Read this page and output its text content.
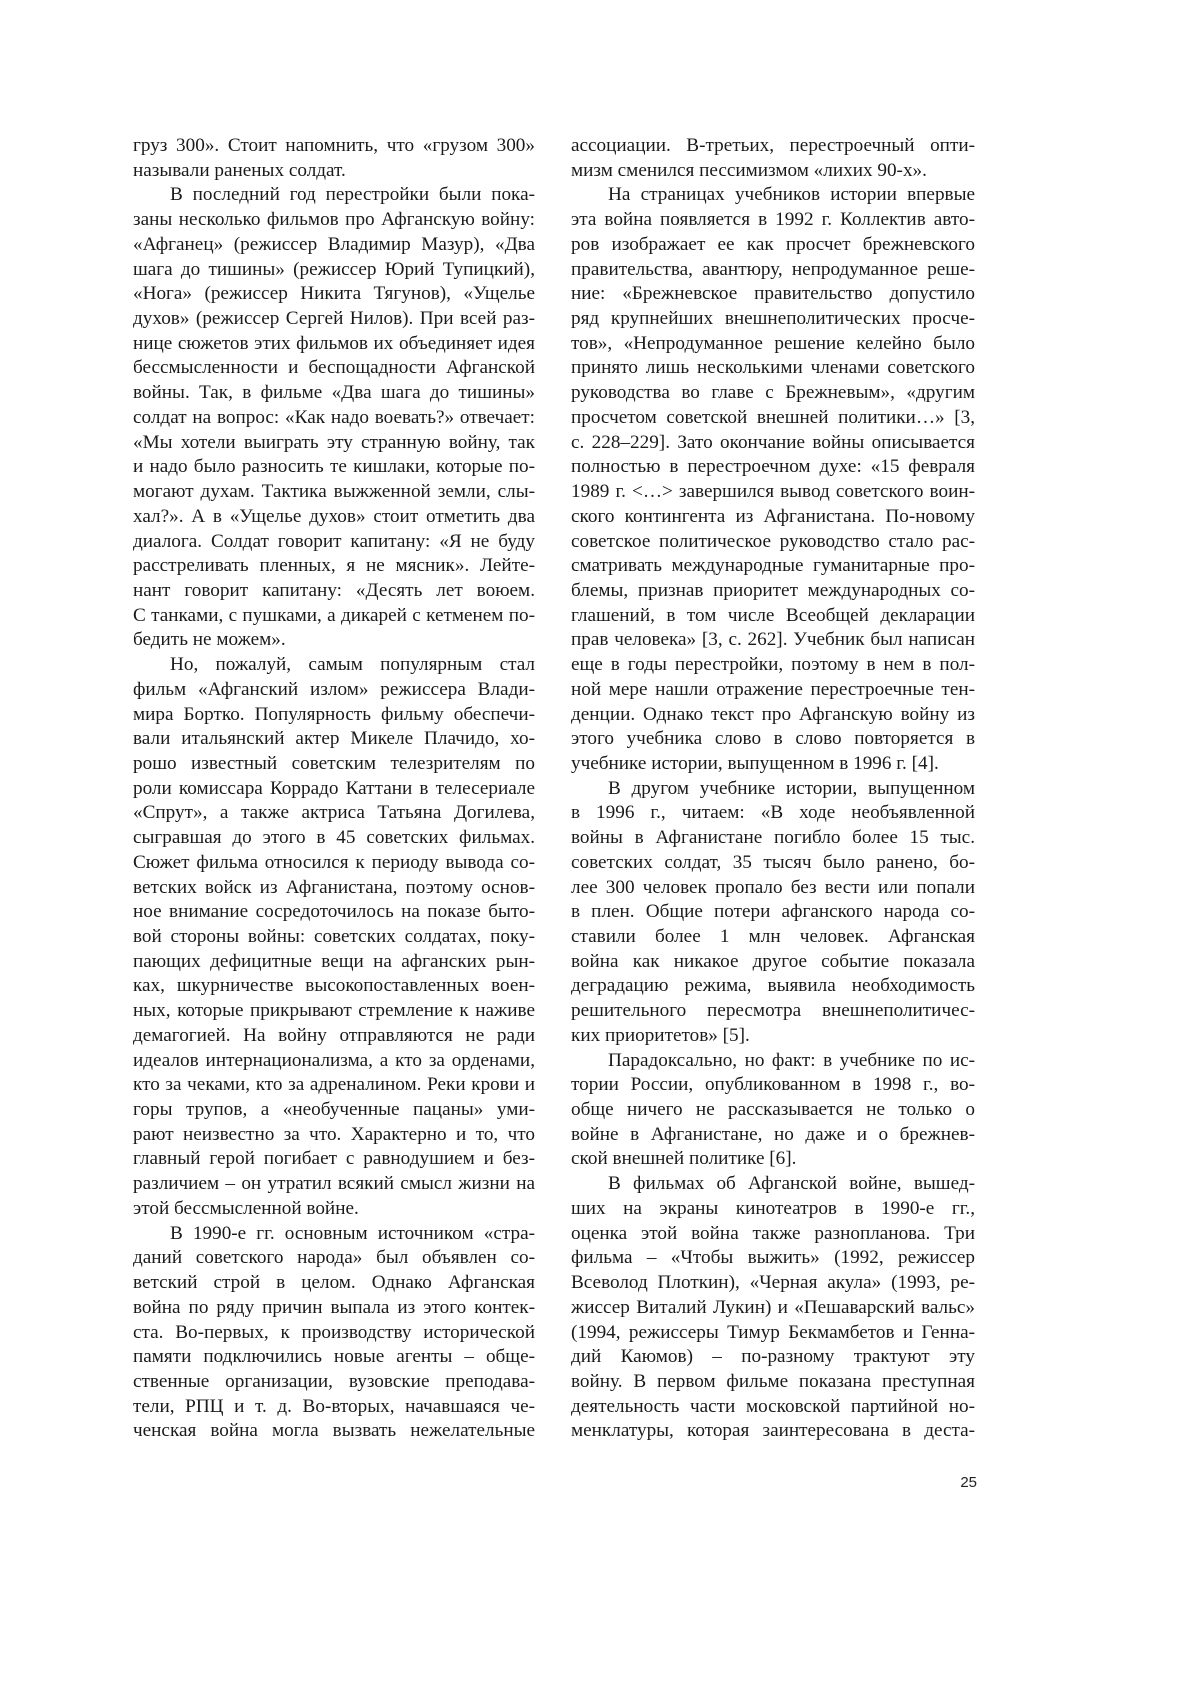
груз 300». Стоит напомнить, что «грузом 300»
называли раненых солдат.
В последний год перестройки были пока-
заны несколько фильмов про Афганскую войну:
«Афганец» (режиссер Владимир Мазур), «Два
шага до тишины» (режиссер Юрий Тупицкий),
«Нога» (режиссер Никита Тягунов), «Ущелье
духов» (режиссер Сергей Нилов). При всей раз-
нице сюжетов этих фильмов их объединяет идея
бессмысленности и беспощадности Афганской
войны. Так, в фильме «Два шага до тишины»
солдат на вопрос: «Как надо воевать?» отвечает:
«Мы хотели выиграть эту странную войну, так
и надо было разносить те кишлаки, которые по-
могают духам. Тактика выжженной земли, слы-
хал?». А в «Ущелье духов» стоит отметить два
диалога. Солдат говорит капитану: «Я не буду
расстреливать пленных, я не мясник». Лейте-
нант говорит капитану: «Десять лет воюем.
С танками, с пушками, а дикарей с кетменем по-
бедить не можем».
Но, пожалуй, самым популярным стал
фильм «Афганский излом» режиссера Влади-
мира Бортко. Популярность фильму обеспечи-
вали итальянский актер Микеле Плачидо, хо-
рошо известный советским телезрителям по
роли комиссара Коррадо Каттани в телесериале
«Спрут», а также актриса Татьяна Догилева,
сыгравшая до этого в 45 советских фильмах.
Сюжет фильма относился к периоду вывода со-
ветских войск из Афганистана, поэтому основ-
ное внимание сосредоточилось на показе быто-
вой стороны войны: советских солдатах, поку-
пающих дефицитные вещи на афганских рын-
ках, шкурничестве высокопоставленных воен-
ных, которые прикрывают стремление к наживе
демагогией. На войну отправляются не ради
идеалов интернационализма, а кто за орденами,
кто за чеками, кто за адреналином. Реки крови и
горы трупов, а «необученные пацаны» уми-
рают неизвестно за что. Характерно и то, что
главный герой погибает с равнодушием и без-
различием – он утратил всякий смысл жизни на
этой бессмысленной войне.
В 1990-е гг. основным источником «стра-
даний советского народа» был объявлен со-
ветский строй в целом. Однако Афганская
война по ряду причин выпала из этого контек-
ста. Во-первых, к производству исторической
памяти подключились новые агенты – обще-
ственные организации, вузовские преподава-
тели, РПЦ и т. д. Во-вторых, начавшаяся че-
ченская война могла вызвать нежелательные
ассоциации. В-третьих, перестроечный опти-
мизм сменился пессимизмом «лихих 90-х».
На страницах учебников истории впервые
эта война появляется в 1992 г. Коллектив авто-
ров изображает ее как просчет брежневского
правительства, авантюру, непродуманное реше-
ние: «Брежневское правительство допустило
ряд крупнейших внешнеполитических просче-
тов», «Непродуманное решение келейно было
принято лишь несколькими членами советского
руководства во главе с Брежневым», «другим
просчетом советской внешней политики…» [3,
с. 228–229]. Зато окончание войны описывается
полностью в перестроечном духе: «15 февраля
1989 г. <…> завершился вывод советского воин-
ского контингента из Афганистана. По-новому
советское политическое руководство стало рас-
сматривать международные гуманитарные про-
блемы, признав приоритет международных со-
глашений, в том числе Всеобщей декларации
прав человека» [3, с. 262]. Учебник был написан
еще в годы перестройки, поэтому в нем в пол-
ной мере нашли отражение перестроечные тен-
денции. Однако текст про Афганскую войну из
этого учебника слово в слово повторяется в
учебнике истории, выпущенном в 1996 г. [4].
В другом учебнике истории, выпущенном
в 1996 г., читаем: «В ходе необъявленной
войны в Афганистане погибло более 15 тыс.
советских солдат, 35 тысяч было ранено, бо-
лее 300 человек пропало без вести или попали
в плен. Общие потери афганского народа со-
ставили более 1 млн человек. Афганская
война как никакое другое событие показала
деградацию режима, выявила необходимость
решительного пересмотра внешнеполитичес-
ких приоритетов» [5].
Парадоксально, но факт: в учебнике по ис-
тории России, опубликованном в 1998 г., во-
обще ничего не рассказывается не только о
войне в Афганистане, но даже и о брежнев-
ской внешней политике [6].
В фильмах об Афганской войне, вышед-
ших на экраны кинотеатров в 1990-е гг.,
оценка этой война также разнопланова. Три
фильма – «Чтобы выжить» (1992, режиссер
Всеволод Плоткин), «Черная акула» (1993, ре-
жиссер Виталий Лукин) и «Пешаварский вальс»
(1994, режиссеры Тимур Бекмамбетов и Генна-
дий Каюмов) – по-разному трактуют эту
войну. В первом фильме показана преступная
деятельность части московской партийной но-
менклатуры, которая заинтересована в деста-
25
